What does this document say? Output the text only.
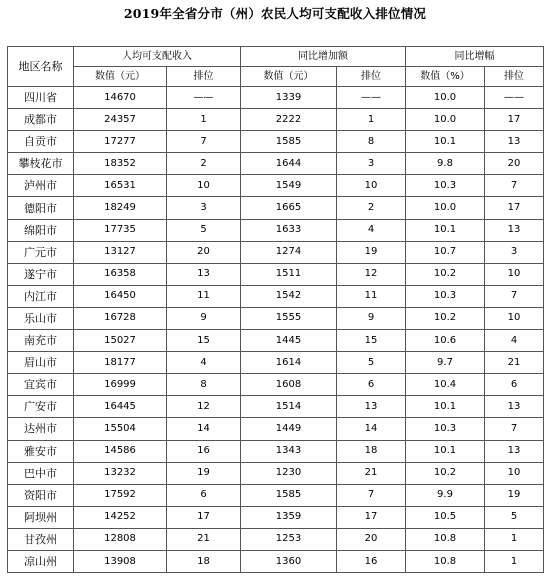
2019年全省分市（州）农民人均可支配收入排位情况
地区名称	人均可支配收入		同比增加额		同比增幅	
	数值（元）	排位	数值（元）	排位	数值（%）	排位
四川省	14670	——	1339	——	10.0	——
成都市	24357	1	2222	1	10.0	17
自贡市	17277	7	1585	8	10.1	13
攀枝花市	18352	2	1644	3	9.8	20
泸州市	16531	10	1549	10	10.3	7
德阳市	18249	3	1665	2	10.0	17
绵阳市	17735	5	1633	4	10.1	13
广元市	13127	20	1274	19	10.7	3
遂宁市	16358	13	1511	12	10.2	10
内江市	16450	11	1542	11	10.3	7
乐山市	16728	9	1555	9	10.2	10
南充市	15027	15	1445	15	10.6	4
眉山市	18177	4	1614	5	9.7	21
宜宾市	16999	8	1608	6	10.4	6
广安市	16445	12	1514	13	10.1	13
达州市	15504	14	1449	14	10.3	7
雅安市	14586	16	1343	18	10.1	13
巴中市	13232	19	1230	21	10.2	10
资阳市	17592	6	1585	7	9.9	19
阿坝州	14252	17	1359	17	10.5	5
甘孜州	12808	21	1253	20	10.8	1
凉山州	13908	18	1360	16	10.8	1
